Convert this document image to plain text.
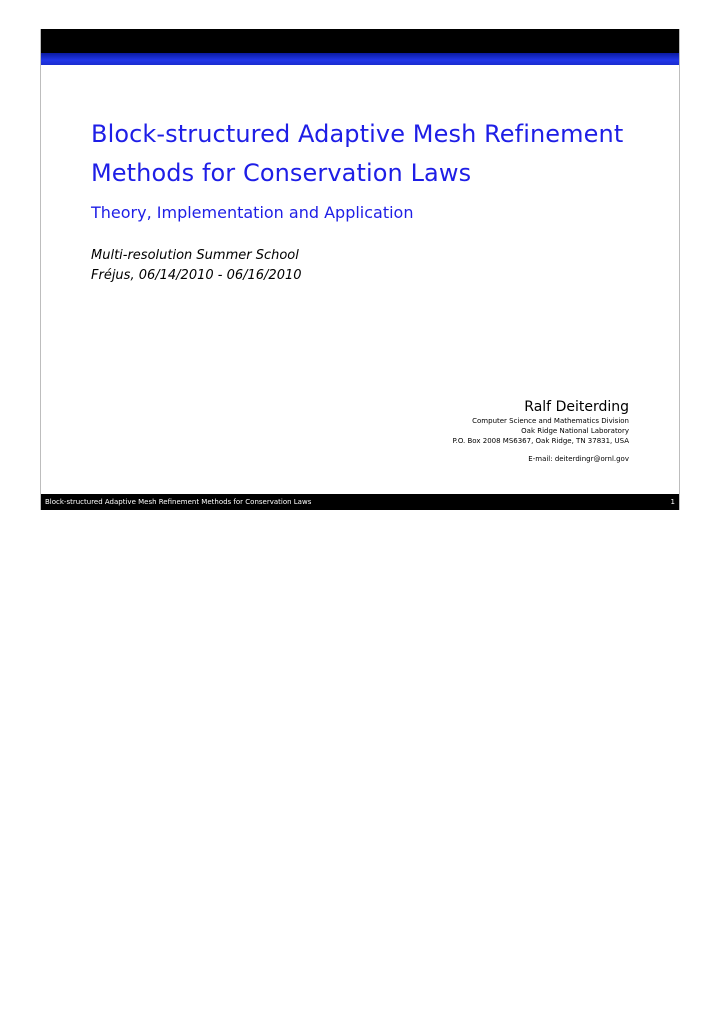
Block-structured Adaptive Mesh Refinement
Methods for Conservation Laws

Theory, Implementation and Application

Multi-resolution Summer School
Fréjus, 06/14/2010 - 06/16/2010
Ralf Deiterding
Computer Science and Mathematics Division
Oak Ridge National Laboratory
P.O. Box 2008 MS6367, Oak Ridge, TN 37831, USA
E-mail: deiterdingr@ornl.gov
Block-structured Adaptive Mesh Refinement Methods for Conservation Laws	1
